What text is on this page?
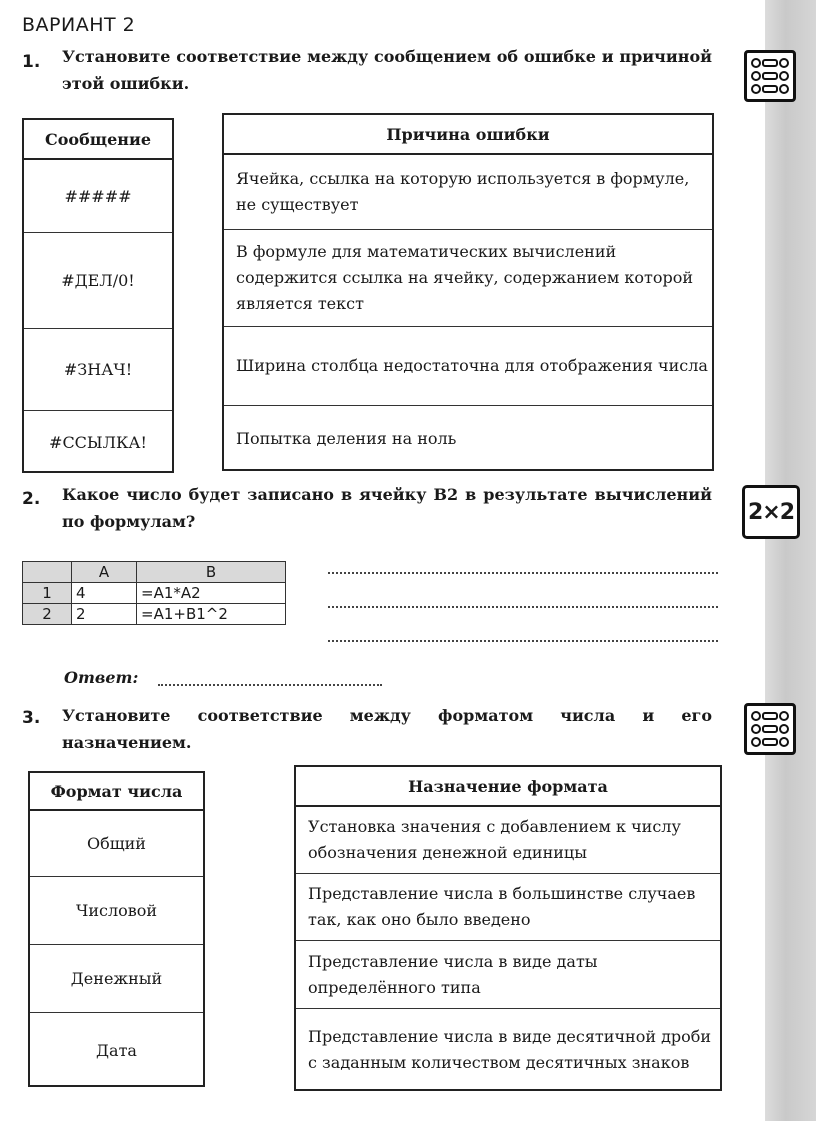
ВАРИАНТ 2
1. Установите соответствие между сообщением об ошибке и причиной этой ошибки.
Сообщение
#####
#ДЕЛ/0!
#ЗНАЧ!
#ССЫЛКА!
Причина ошибки
Ячейка, ссылка на которую используется в формуле, не существует
В формуле для математических вычислений содержится ссылка на ячейку, содержанием которой является текст
Ширина столбца недостаточна для отображения числа
Попытка деления на ноль
2. Какое число будет записано в ячейку B2 в результате вычислений по формулам?	2×2
	A	B
1	4	=A1*A2
2	2	=A1+B1^2
Ответ:
3. Установите соответствие между форматом числа и его назначением.
Формат числа
Общий
Числовой
Денежный
Дата
Назначение формата
Установка значения с добавлением к числу обозначения денежной единицы
Представление числа в большинстве случаев так, как оно было введено
Представление числа в виде даты определённого типа
Представление числа в виде десятичной дроби с заданным количеством десятичных знаков
